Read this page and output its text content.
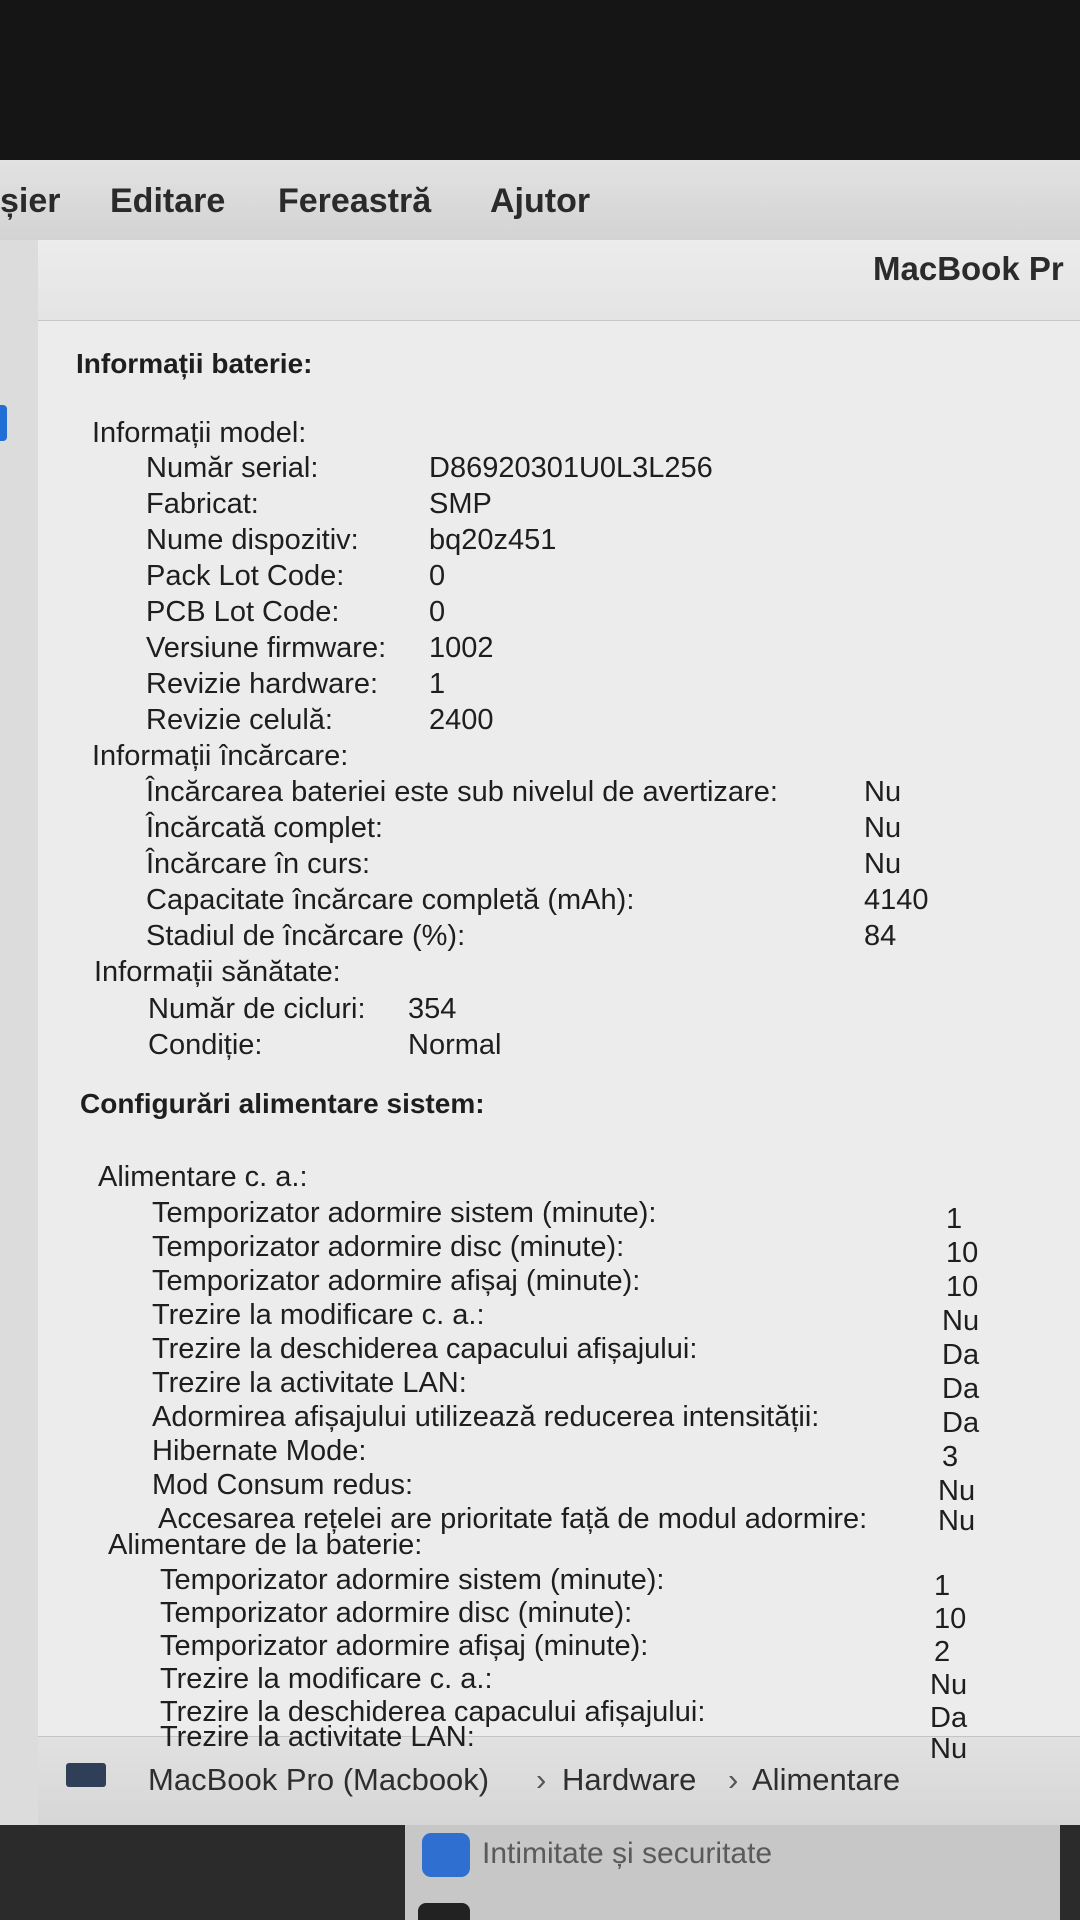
șier Editare Fereastră Ajutor
MacBook Pr
Informații baterie:
Informații model:
Număr serial:	D86920301U0L3L256
Fabricat:	SMP
Nume dispozitiv: bq20z451
Pack Lot Code:	0
PCB Lot Code:	0
Versiune firmware: 1002
Revizie hardware: 1
Revizie celulă:	2400
Informații încărcare:
Încărcarea bateriei este sub nivelul de avertizare:	Nu
Încărcată complet:	Nu
Încărcare în curs:	Nu
Capacitate încărcare completă (mAh):	4140
Stadiul de încărcare (%):	84
Informații sănătate:
Număr de cicluri: 354
Condiție:	Normal
Configurări alimentare sistem:
Alimentare c. a.:
Temporizator adormire sistem (minute):	1
Temporizator adormire disc (minute):	10
Temporizator adormire afișaj (minute):	10
Trezire la modificare c. a.:	Nu
Trezire la deschiderea capacului afișajului:	Da
Trezire la activitate LAN:	Da
Adormirea afișajului utilizează reducerea intensității:	Da
Hibernate Mode:	3
Mod Consum redus:	Nu
Accesarea rețelei are prioritate față de modul adormire: Nu
Alimentare de la baterie:
Temporizator adormire sistem (minute):	1
Temporizator adormire disc (minute):	10
Temporizator adormire afișaj (minute):	2
Trezire la modificare c. a.:	Nu
Trezire la deschiderea capacului afișajului:	Da
Trezire la activitate LAN:	Nu
MacBook Pro (Macbook) › Hardware › Alimentare
Intimitate și securitate
